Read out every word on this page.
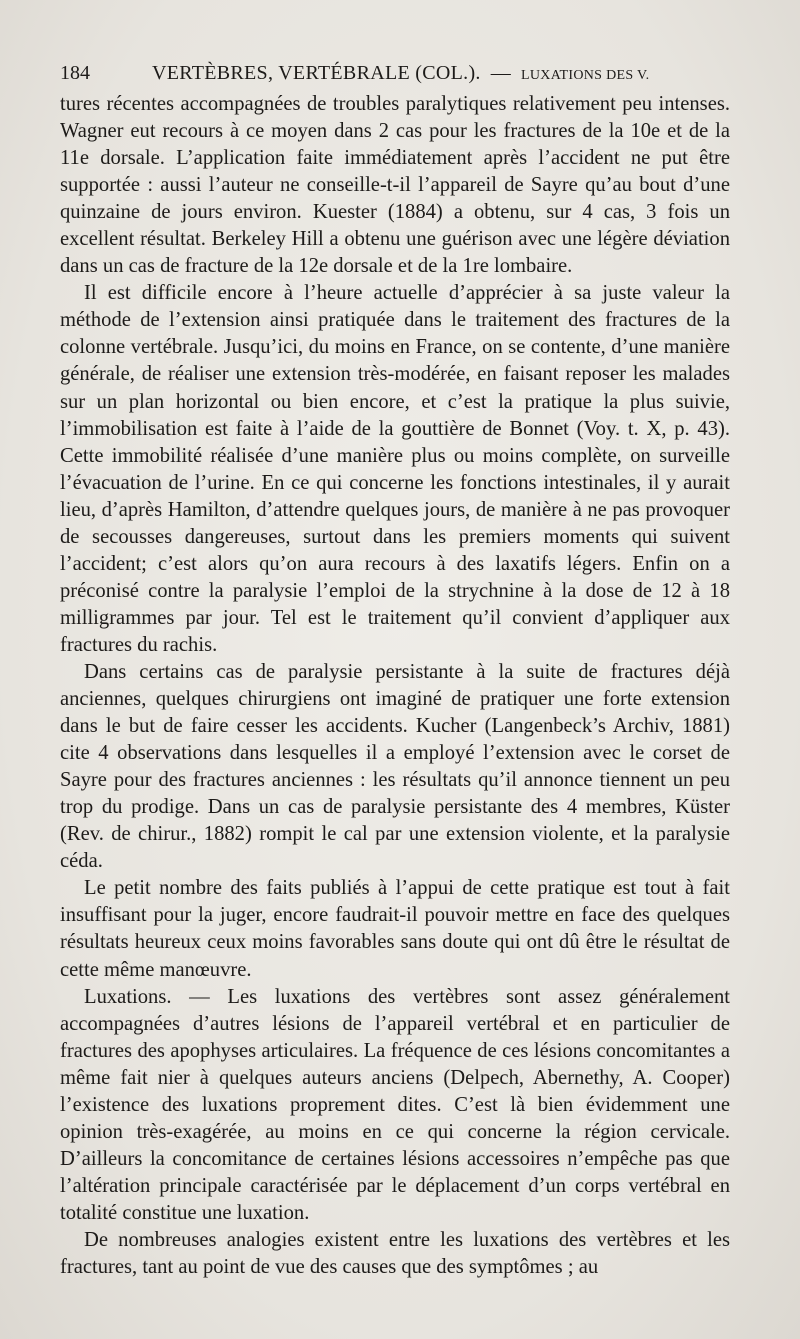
184	VERTÈBRES, VERTÉBRALE (COL.). — LUXATIONS DES V.

tures récentes accompagnées de troubles paralytiques relativement peu intenses. Wagner eut recours à ce moyen dans 2 cas pour les fractures de la 10e et de la 11e dorsale. L’application faite immédiatement après l’accident ne put être supportée : aussi l’auteur ne conseille-t-il l’appareil de Sayre qu’au bout d’une quinzaine de jours environ. Kuester (1884) a obtenu, sur 4 cas, 3 fois un excellent résultat. Berkeley Hill a obtenu une guérison avec une légère déviation dans un cas de fracture de la 12e dorsale et de la 1re lombaire.

Il est difficile encore à l’heure actuelle d’apprécier à sa juste valeur la méthode de l’extension ainsi pratiquée dans le traitement des fractures de la colonne vertébrale. Jusqu’ici, du moins en France, on se contente, d’une manière générale, de réaliser une extension très-modérée, en faisant reposer les malades sur un plan horizontal ou bien encore, et c’est la pratique la plus suivie, l’immobilisation est faite à l’aide de la gouttière de Bonnet (Voy. t. X, p. 43). Cette immobilité réalisée d’une manière plus ou moins complète, on surveille l’évacuation de l’urine. En ce qui concerne les fonctions intestinales, il y aurait lieu, d’après Hamilton, d’attendre quelques jours, de manière à ne pas provoquer de secousses dangereuses, surtout dans les premiers moments qui suivent l’accident; c’est alors qu’on aura recours à des laxatifs légers. Enfin on a préconisé contre la paralysie l’emploi de la strychnine à la dose de 12 à 18 milligrammes par jour. Tel est le traitement qu’il convient d’appliquer aux fractures du rachis.

Dans certains cas de paralysie persistante à la suite de fractures déjà anciennes, quelques chirurgiens ont imaginé de pratiquer une forte extension dans le but de faire cesser les accidents. Kucher (Langenbeck’s Archiv, 1881) cite 4 observations dans lesquelles il a employé l’extension avec le corset de Sayre pour des fractures anciennes : les résultats qu’il annonce tiennent un peu trop du prodige. Dans un cas de paralysie persistante des 4 membres, Küster (Rev. de chirur., 1882) rompit le cal par une extension violente, et la paralysie céda.

Le petit nombre des faits publiés à l’appui de cette pratique est tout à fait insuffisant pour la juger, encore faudrait-il pouvoir mettre en face des quelques résultats heureux ceux moins favorables sans doute qui ont dû être le résultat de cette même manœuvre.

Luxations. — Les luxations des vertèbres sont assez généralement accompagnées d’autres lésions de l’appareil vertébral et en particulier de fractures des apophyses articulaires. La fréquence de ces lésions concomitantes a même fait nier à quelques auteurs anciens (Delpech, Abernethy, A. Cooper) l’existence des luxations proprement dites. C’est là bien évidemment une opinion très-exagérée, au moins en ce qui concerne la région cervicale. D’ailleurs la concomitance de certaines lésions accessoires n’empêche pas que l’altération principale caractérisée par le déplacement d’un corps vertébral en totalité constitue une luxation.

De nombreuses analogies existent entre les luxations des vertèbres et les fractures, tant au point de vue des causes que des symptômes ; au
